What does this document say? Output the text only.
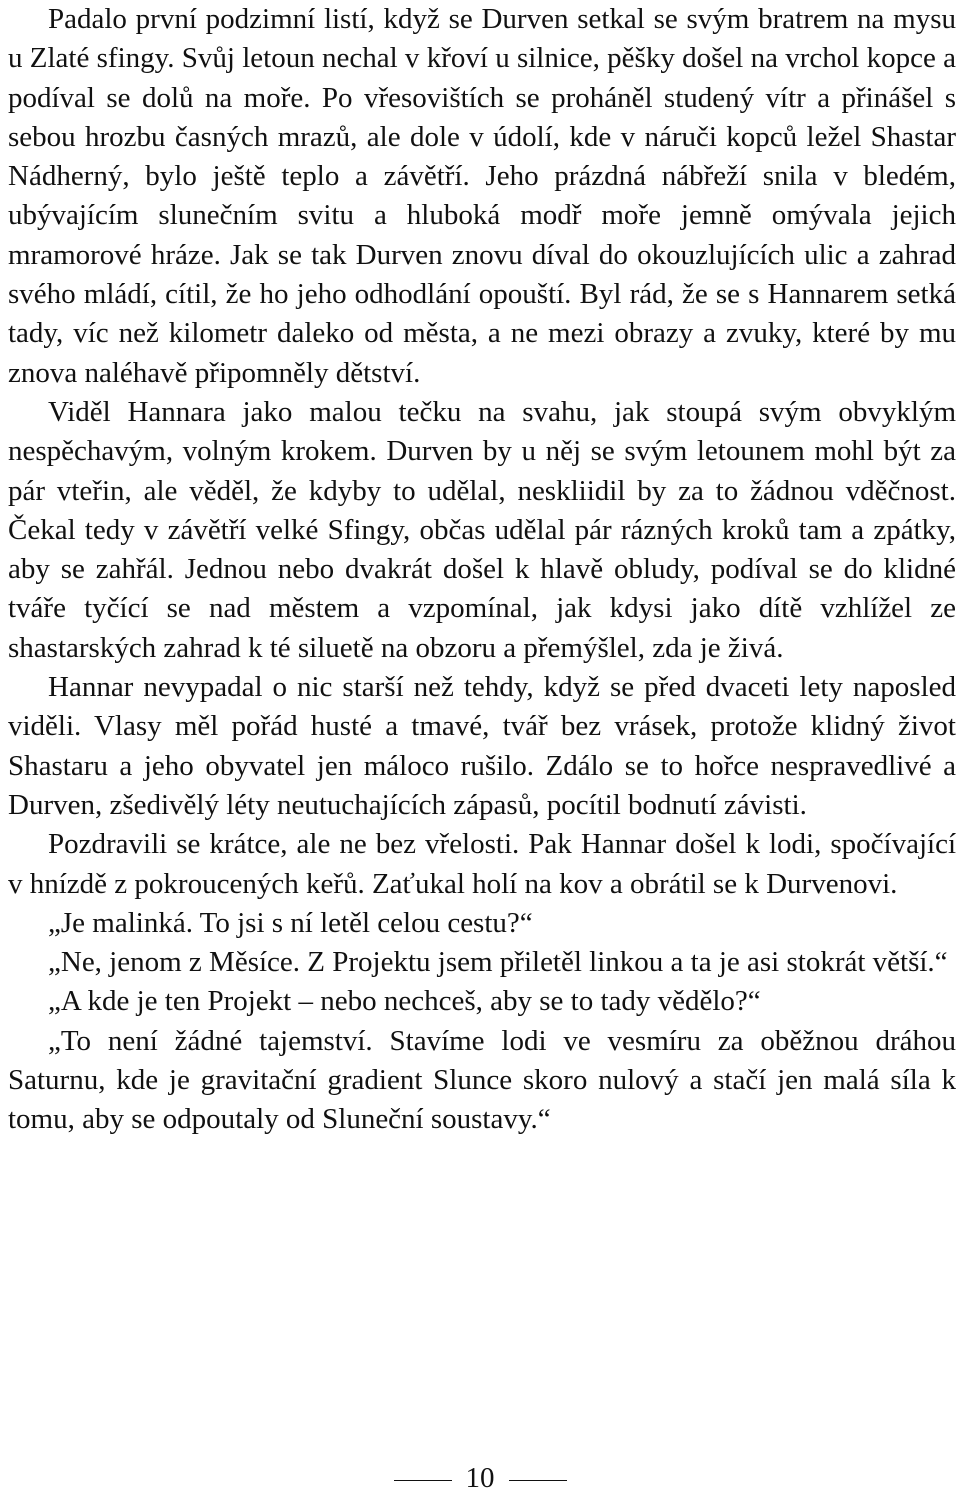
Padalo první podzimní listí, když se Durven setkal se svým bratrem na mysu u Zlaté sfingy. Svůj letoun nechal v křoví u silnice, pěšky došel na vrchol kopce a podíval se dolů na moře. Po vřesovištích se proháněl studený vítr a přinášel s sebou hrozbu časných mrazů, ale dole v údolí, kde v náruči kopců ležel Shastar Nádherný, bylo ještě teplo a závětří. Jeho prázdná nábřeží snila v bledém, ubývajícím slunečním svitu a hluboká modř moře jemně omývala jejich mramorové hráze. Jak se tak Durven znovu díval do okouzlujících ulic a zahrad svého mládí, cítil, že ho jeho odhodlání opouští. Byl rád, že se s Hannarem setká tady, víc než kilometr daleko od města, a ne mezi obrazy a zvuky, které by mu znova naléhavě připomněly dětství.

Viděl Hannara jako malou tečku na svahu, jak stoupá svým obvyklým nespěchavým, volným krokem. Durven by u něj se svým letounem mohl být za pár vteřin, ale věděl, že kdyby to udělal, neskliidil by za to žádnou vděčnost. Čekal tedy v závětří velké Sfingy, občas udělal pár rázných kroků tam a zpátky, aby se zahřál. Jednou nebo dvakrát došel k hlavě obludy, podíval se do klidné tváře tyčící se nad městem a vzpomínal, jak kdysi jako dítě vzhlížel ze shastarských zahrad k té siluetě na obzoru a přemýšlel, zda je živá.

Hannar nevypadal o nic starší než tehdy, když se před dvaceti lety naposled viděli. Vlasy měl pořád husté a tmavé, tvář bez vrásek, protože klidný život Shastaru a jeho obyvatel jen máloco rušilo. Zdálo se to hořce nespravedlivé a Durven, zšedivělý léty neutuchajících zápasů, pocítil bodnutí závisti.

Pozdravili se krátce, ale ne bez vřelosti. Pak Hannar došel k lodi, spočívající v hnízdě z pokroucených keřů. Zaťukal holí na kov a obrátil se k Durvenovi.

„Je malinká. To jsi s ní letěl celou cestu?“

„Ne, jenom z Měsíce. Z Projektu jsem přiletěl linkou a ta je asi stokrát větší.“

„A kde je ten Projekt – nebo nechceš, aby se to tady vědělo?“

„To není žádné tajemství. Stavíme lodi ve vesmíru za oběžnou dráhou Saturnu, kde je gravitační gradient Slunce skoro nulový a stačí jen malá síla k tomu, aby se odpoutaly od Sluneční soustavy.“

10
